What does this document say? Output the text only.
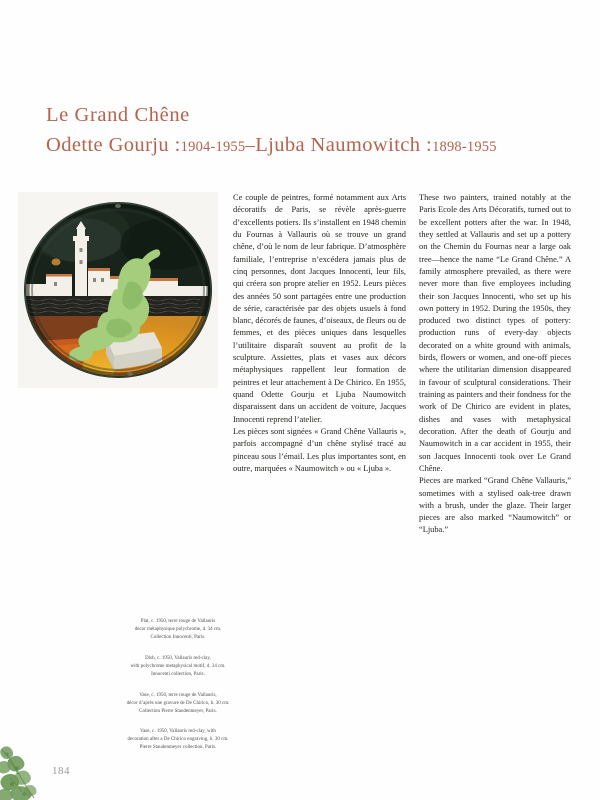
Le Grand Chêne
Odette Gourju :1904-1955–Ljuba Naumowitch :1898-1955

Ce couple de peintres, formé notamment aux Arts décoratifs de Paris, se révèle après-guerre d’excellents potiers. Ils s’installent en 1948 chemin du Fournas à Vallauris où se trouve un grand chêne, d’où le nom de leur fabrique. D’atmosphère familiale, l’entreprise n’excédera jamais plus de cinq personnes, dont Jacques Innocenti, leur fils, qui créera son propre atelier en 1952. Leurs pièces des années 50 sont partagées entre une production de série, caractérisée par des objets usuels à fond blanc, décorés de faunes, d’oiseaux, de fleurs ou de femmes, et des pièces uniques dans lesquelles l’utilitaire disparaît souvent au profit de la sculpture. Assiettes, plats et vases aux décors métaphysiques rappellent leur formation de peintres et leur attachement à De Chirico. En 1955, quand Odette Gourju et Ljuba Naumowitch disparaissent dans un accident de voiture, Jacques Innocenti reprend l’atelier.

Les pièces sont signées « Grand Chêne Vallauris », parfois accompagné d’un chêne stylisé tracé au pinceau sous l’émail. Les plus importantes sont, en outre, marquées « Naumowitch » ou « Ljuba ».

These two painters, trained notably at the Paris Ecole des Arts Décoratifs, turned out to be excellent potters after the war. In 1948, they settled at Vallauris and set up a pottery on the Chemin du Fournas near a large oak tree—hence the name “Le Grand Chêne.” A family atmosphere prevailed, as there were never more than five employees including their son Jacques Innocenti, who set up his own pottery in 1952. During the 1950s, they produced two distinct types of pottery: production runs of every-day objects decorated on a white ground with animals, birds, flowers or women, and one-off pieces where the utilitarian dimension disappeared in favour of sculptural considerations. Their training as painters and their fondness for the work of De Chirico are evident in plates, dishes and vases with metaphysical decoration. After the death of Gourju and Naumowitch in a car accident in 1955, their son Jacques Innocenti took over Le Grand Chêne.

Pieces are marked “Grand Chêne Vallauris,” sometimes with a stylised oak-tree drawn with a brush, under the glaze. Their larger pieces are also marked “Naumowitch” or “Ljuba.”

Plat, c. 1950, terre rouge de Vallauris
décor métaphysique polychrome, d. 34 cm.
Collection Innocenti, Paris.
Dish, c. 1950, Vallauris red-clay,
with polychrome metaphysical motif, d. 34 cm.
Innocenti collection, Paris.
Vase, c. 1950, terre rouge de Vallauris,
décor d’après une gravure de De Chirico, h. 30 cm.
Collection Pierre Staudenmeyer, Paris.
Vase, c. 1950, Vallauris red-clay, with
decoration after a De Chirico engraving, h. 30 cm.
Pierre Staudenmeyer collection, Paris.
184
